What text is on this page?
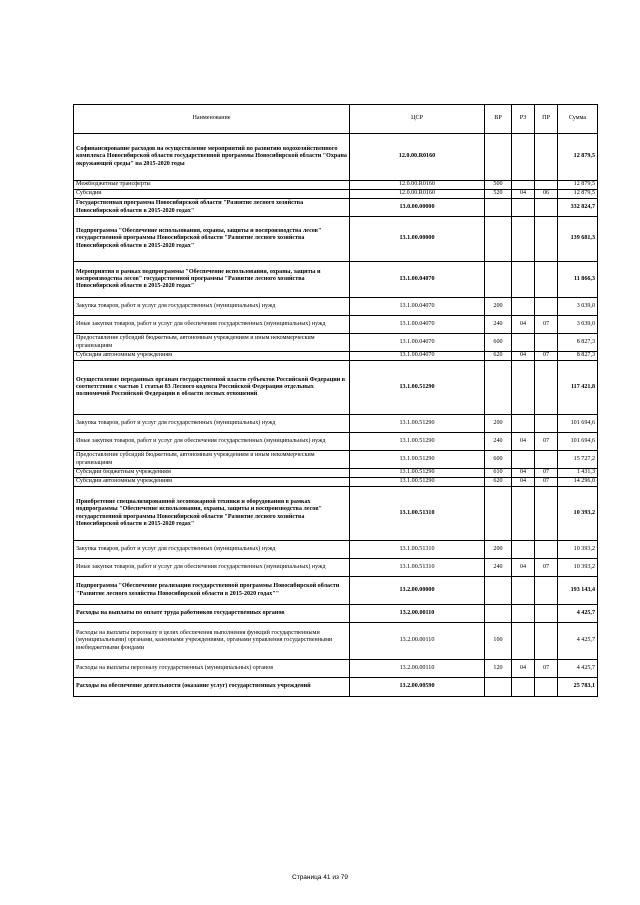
Наименование	ЦСР	ВР	РЗ	ПР	Сумма
Софинансирование расходов на осуществление мероприятий по развитию водохозяйственного комплекса Новосибирской области государственной программы Новосибирской области "Охрана окружающей среды" на 2015-2020 годы	12.0.00.R0160				12 879,5
Межбюджетные трансферты	12.0.00.R0160	500			12 879,5
Субсидии	12.0.00.R0160	520	04	06	12 879,5
Государственная программа Новосибирской области "Развитие лесного хозяйства Новосибирской области в 2015-2020 годах"	13.0.00.00000				332 824,7
Подпрограмма "Обеспечение использования, охраны, защиты и воспроизводства лесов" государственной программы Новосибирской области "Развитие лесного хозяйства Новосибирской области в 2015-2020 годах"	13.1.00.00000				139 681,3
Мероприятия в рамках подпрограммы "Обеспечение использования, охраны, защиты и воспроизводства лесов" государственной программы "Развитие лесного хозяйства Новосибирской области в 2015-2020 годах"	13.1.00.04070				11 866,3
Закупка товаров, работ и услуг для государственных (муниципальных) нужд	13.1.00.04070	200			3 039,0
Иные закупки товаров, работ и услуг для обеспечения государственных (муниципальных) нужд	13.1.00.04070	240	04	07	3 039,0
Предоставление субсидий бюджетным, автономным учреждениям и иным некоммерческим организациям	13.1.00.04070	600			8 827,3
Субсидии автономным учреждениям	13.1.00.04070	620	04	07	8 827,3
Осуществление переданных органам государственной власти субъектов Российской Федерации в соответствии с частью 1 статьи 83 Лесного кодекса Российской Федерации отдельных полномочий Российской Федерации в области лесных отношений	13.1.00.51290				117 421,8
Закупка товаров, работ и услуг для государственных (муниципальных) нужд	13.1.00.51290	200			101 694,6
Иные закупки товаров, работ и услуг для обеспечения государственных (муниципальных) нужд	13.1.00.51290	240	04	07	101 694,6
Предоставление субсидий бюджетным, автономным учреждениям и иным некоммерческим организациям	13.1.00.51290	600			15 727,2
Субсидии бюджетным учреждениям	13.1.00.51290	610	04	07	1 431,3
Субсидии автономным учреждениям	13.1.00.51290	620	04	07	14 296,0
Приобретение специализированной лесопожарной техники и оборудования в рамках подпрограммы "Обеспечение использования, охраны, защиты и воспроизводства лесов" государственной программы Новосибирской области "Развитие лесного хозяйства Новосибирской области в 2015-2020 годах"	13.1.00.51310				10 393,2
Закупка товаров, работ и услуг для государственных (муниципальных) нужд	13.1.00.51310	200			10 393,2
Иные закупки товаров, работ и услуг для обеспечения государственных (муниципальных) нужд	13.1.00.51310	240	04	07	10 393,2
Подпрограмма "Обеспечение реализации государственной программы Новосибирской области "Развитие лесного хозяйства Новосибирской области в 2015-2020 годах""	13.2.00.00000				193 143,4
Расходы на выплаты по оплате труда работников государственных органов	13.2.00.00110				4 425,7
Расходы на выплаты персоналу в целях обеспечения выполнения функций государственными (муниципальными) органами, казенными учреждениями, органами управления государственными внебюджетными фондами	13.2.00.00110	100			4 425,7
Расходы на выплаты персоналу государственных (муниципальных) органов	13.2.00.00110	120	04	07	4 425,7
Расходы на обеспечение деятельности (оказание услуг) государственных учреждений	13.2.00.00590				25 783,1
Страница 41 из 79
